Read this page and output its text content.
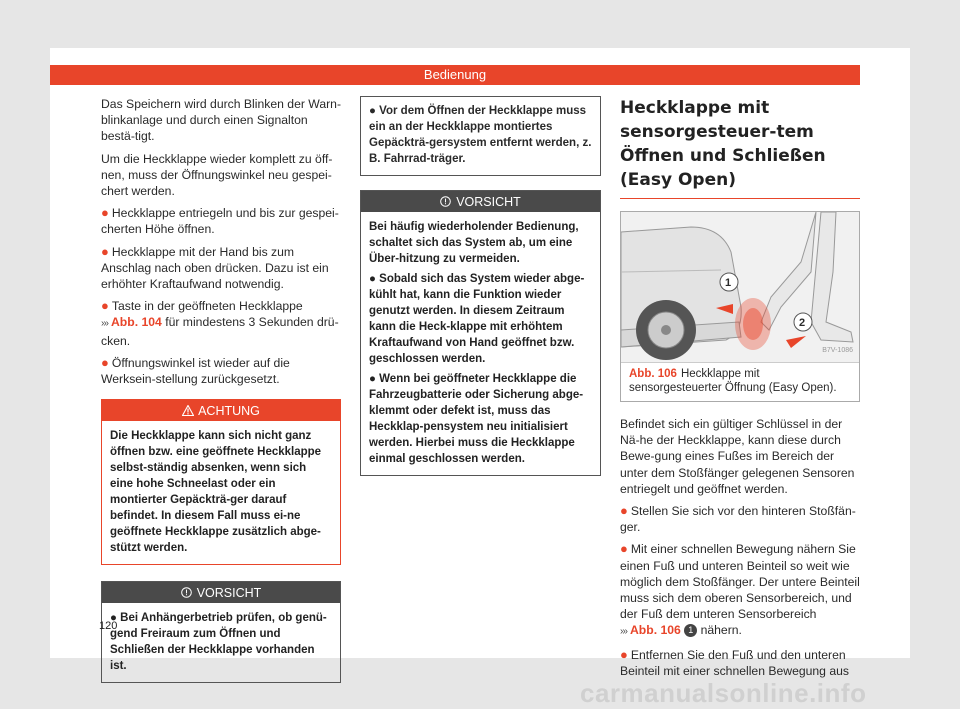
Bedienung

Das Speichern wird durch Blinken der Warn-blinkanlage und durch einen Signalton bestä-tigt.

Um die Heckklappe wieder komplett zu öff-nen, muss der Öffnungswinkel neu gespei-chert werden.

● Heckklappe entriegeln und bis zur gespei-cherten Höhe öffnen.

● Heckklappe mit der Hand bis zum Anschlag nach oben drücken. Dazu ist ein erhöhter Kraftaufwand notwendig.

● Taste in der geöffneten Heckklappe
››› Abb. 104 für mindestens 3 Sekunden drü-cken.

● Öffnungswinkel ist wieder auf die Werksein-stellung zurückgesetzt.

ACHTUNG
Die Heckklappe kann sich nicht ganz öffnen bzw. eine geöffnete Heckklappe selbst-ständig absenken, wenn sich eine hohe Schneelast oder ein montierter Gepäckträ-ger darauf befindet. In diesem Fall muss ei-ne geöffnete Heckklappe zusätzlich abge-stützt werden.
VORSICHT

● Bei Anhängerbetrieb prüfen, ob genü-gend Freiraum zum Öffnen und Schließen der Heckklappe vorhanden ist.

● Vor dem Öffnen der Heckklappe muss ein an der Heckklappe montiertes Gepäckträ-gersystem entfernt werden, z. B. Fahrrad-träger.

VORSICHT

Bei häufig wiederholender Bedienung, schaltet sich das System ab, um eine Über-hitzung zu vermeiden.

● Sobald sich das System wieder abge-kühlt hat, kann die Funktion wieder genutzt werden. In diesem Zeitraum kann die Heck-klappe mit erhöhtem Kraftaufwand von Hand geöffnet bzw. geschlossen werden.

● Wenn bei geöffneter Heckklappe die Fahrzeugbatterie oder Sicherung abge-klemmt oder defekt ist, muss das Heckklap-pensystem neu initialisiert werden. Hierbei muss die Heckklappe einmal geschlossen werden.

Heckklappe mit sensorgesteuer-tem Öffnen und Schließen (Easy Open)
1
2
B7V-1086
Abb. 106 Heckklappe mit sensorgesteuerter Öffnung (Easy Open).

Befindet sich ein gültiger Schlüssel in der Nä-he der Heckklappe, kann diese durch Bewe-gung eines Fußes im Bereich der unter dem Stoßfänger gelegenen Sensoren entriegelt und geöffnet werden.

● Stellen Sie sich vor den hinteren Stoßfän-ger.

● Mit einer schnellen Bewegung nähern Sie einen Fuß und unteren Beinteil so weit wie möglich dem Stoßfänger. Der untere Beinteil muss sich dem oberen Sensorbereich, und der Fuß dem unteren Sensorbereich
››› Abb. 106 1 nähern.

● Entfernen Sie den Fuß und den unteren Beinteil mit einer schnellen Bewegung aus

120
carmanualsonline.info
